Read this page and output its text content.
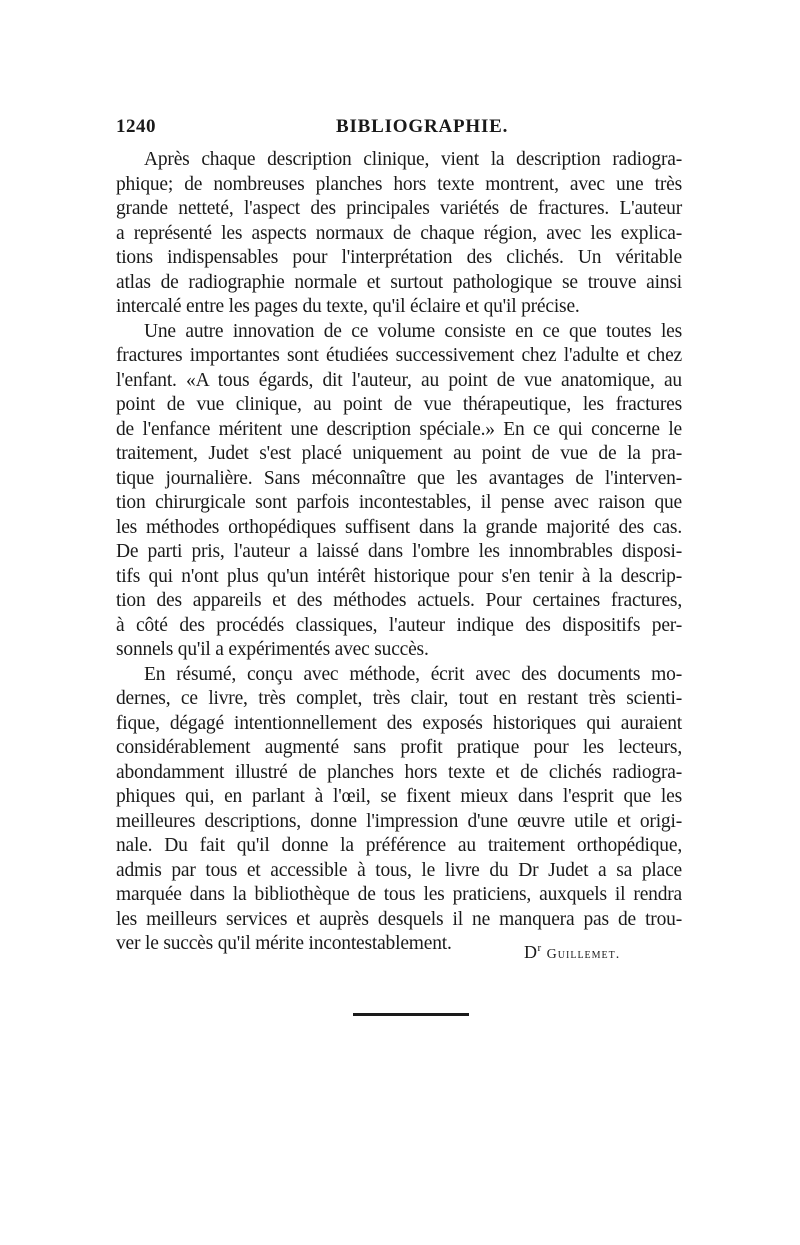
1240	BIBLIOGRAPHIE.
Après chaque description clinique, vient la description radiogra-
phique; de nombreuses planches hors texte montrent, avec une très
grande netteté, l'aspect des principales variétés de fractures. L'auteur
a représenté les aspects normaux de chaque région, avec les explica-
tions indispensables pour l'interprétation des clichés. Un véritable
atlas de radiographie normale et surtout pathologique se trouve ainsi
intercalé entre les pages du texte, qu'il éclaire et qu'il précise.
Une autre innovation de ce volume consiste en ce que toutes les
fractures importantes sont étudiées successivement chez l'adulte et chez
l'enfant. «A tous égards, dit l'auteur, au point de vue anatomique, au
point de vue clinique, au point de vue thérapeutique, les fractures
de l'enfance méritent une description spéciale.» En ce qui concerne le
traitement, Judet s'est placé uniquement au point de vue de la pra-
tique journalière. Sans méconnaître que les avantages de l'interven-
tion chirurgicale sont parfois incontestables, il pense avec raison que
les méthodes orthopédiques suffisent dans la grande majorité des cas.
De parti pris, l'auteur a laissé dans l'ombre les innombrables disposi-
tifs qui n'ont plus qu'un intérêt historique pour s'en tenir à la descrip-
tion des appareils et des méthodes actuels. Pour certaines fractures,
à côté des procédés classiques, l'auteur indique des dispositifs per-
sonnels qu'il a expérimentés avec succès.
En résumé, conçu avec méthode, écrit avec des documents mo-
dernes, ce livre, très complet, très clair, tout en restant très scienti-
fique, dégagé intentionnellement des exposés historiques qui auraient
considérablement augmenté sans profit pratique pour les lecteurs,
abondamment illustré de planches hors texte et de clichés radiogra-
phiques qui, en parlant à l'œil, se fixent mieux dans l'esprit que les
meilleures descriptions, donne l'impression d'une œuvre utile et origi-
nale. Du fait qu'il donne la préférence au traitement orthopédique,
admis par tous et accessible à tous, le livre du Dr Judet a sa place
marquée dans la bibliothèque de tous les praticiens, auxquels il rendra
les meilleurs services et auprès desquels il ne manquera pas de trou-
ver le succès qu'il mérite incontestablement.	$D^r$ Guillemet.
